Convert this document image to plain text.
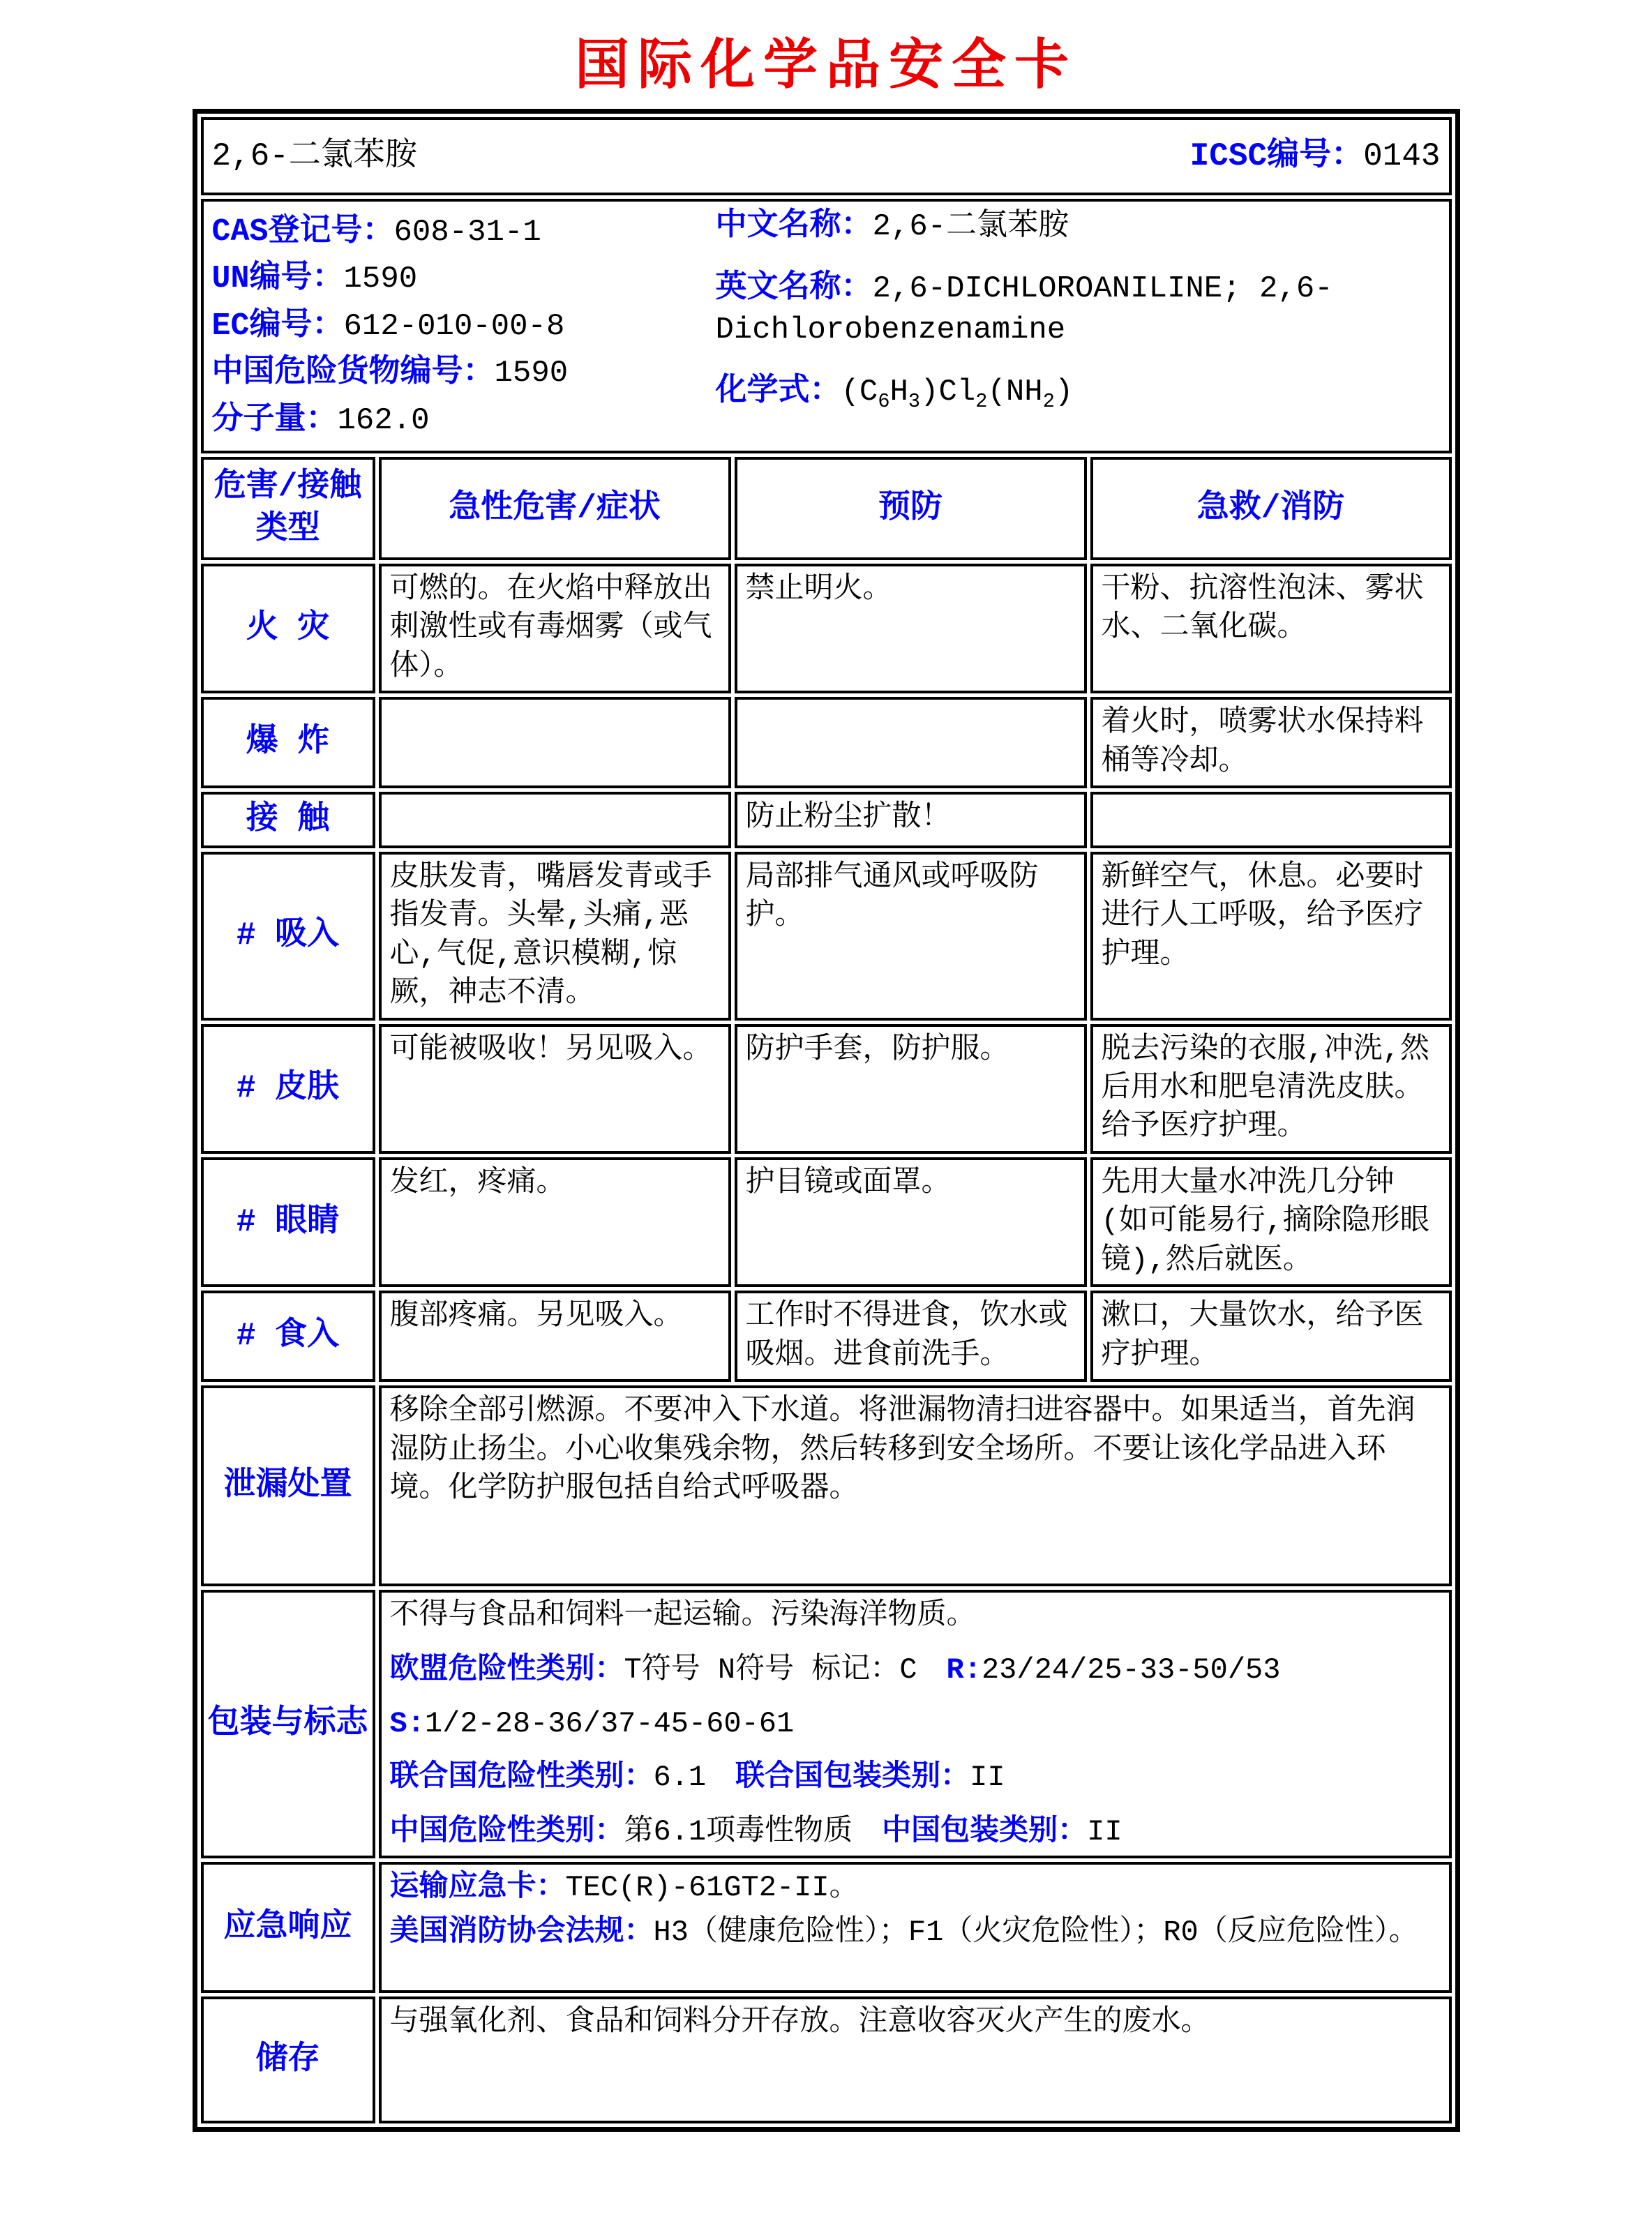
国际化学品安全卡
2,6-二氯苯胺 ICSC编号：0143			

CAS登记号：608-31-1
UN编号：1590
EC编号：612-010-00-8
中国危险货物编号：1590
分子量：162.0
中文名称：2,6-二氯苯胺
英文名称：2,6-DICHLOROANILINE; 2,6-Dichlorobenzenamine
化学式：$(C_6H_3)Cl_2(NH_2)$

危害/接触类型	急性危害/症状	预防	急救/消防
火 灾	可燃的。在火焰中释放出刺激性或有毒烟雾（或气体）。	禁止明火。	干粉、抗溶性泡沫、雾状水、二氧化碳。
爆 炸			着火时，喷雾状水保持料桶等冷却。
接 触		防止粉尘扩散！	
# 吸入	皮肤发青，嘴唇发青或手指发青。头晕,头痛,恶心,气促,意识模糊,惊厥，神志不清。	局部排气通风或呼吸防护。	新鲜空气，休息。必要时进行人工呼吸，给予医疗护理。
# 皮肤	可能被吸收！另见吸入。	防护手套，防护服。	脱去污染的衣服,冲洗,然后用水和肥皂清洗皮肤。给予医疗护理。
# 眼睛	发红，疼痛。	护目镜或面罩。	先用大量水冲洗几分钟(如可能易行,摘除隐形眼镜),然后就医。
# 食入	腹部疼痛。另见吸入。	工作时不得进食，饮水或吸烟。进食前洗手。	漱口，大量饮水，给予医疗护理。
泄漏处置	移除全部引燃源。不要冲入下水道。将泄漏物清扫进容器中。如果适当，首先润湿防止扬尘。小心收集残余物，然后转移到安全场所。不要让该化学品进入环境。化学防护服包括自给式呼吸器。		
包装与标志	不得与食品和饲料一起运输。污染海洋物质。
欧盟危险性类别：T符号 N符号 标记：C　R:23/24/25-33-50/53
S:1/2-28-36/37-45-60-61
联合国危险性类别：6.1　联合国包装类别：II
中国危险性类别：第6.1项毒性物质　中国包装类别：II		

应急响应	运输应急卡：TEC(R)-61GT2-II。
美国消防协会法规：H3（健康危险性）；F1（火灾危险性）；R0（反应危险性）。		

储存	与强氧化剂、食品和饲料分开存放。注意收容灭火产生的废水。		
